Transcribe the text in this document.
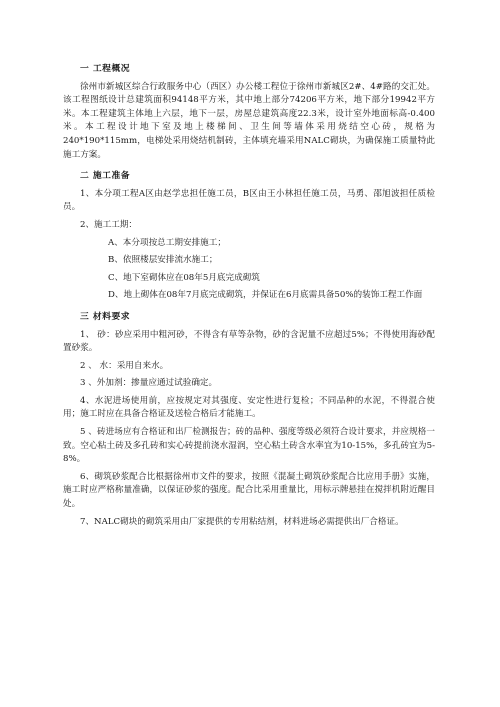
一 工程概况
徐州市新城区综合行政服务中心（西区）办公楼工程位于徐州市新城区2#、4#路的交汇处。该工程图纸设计总建筑面积94148平方米，其中地上部分74206平方米，地下部分19942平方米。本工程建筑主体地上六层，地下一层，房屋总建筑高度22.3米，设计室外地面标高-0.400米。本工程设计地下室及地上楼梯间、卫生间等墙体采用烧结空心砖，规格为240*190*115mm，电梯处采用烧结机制砖，主体填充墙采用NALC砌块，为确保施工质量特此施工方案。
二 施工准备
1、本分项工程A区由赵学忠担任施工员，B区由王小林担任施工员，马勇、邵旭波担任质检员。
2、施工工期：
A、本分项按总工期安排施工；
B、依照楼层安排流水施工；
C、地下室砌体应在08年5月底完成砌筑
D、地上砌体在08年7月底完成砌筑，并保证在6月底需具备50%的装饰工程工作面
三 材料要求
1、 砂：砂应采用中粗河砂，不得含有草等杂物，砂的含泥量不应超过5%；不得使用海砂配置砂浆。
2 、 水：采用自来水。
3 、外加剂：掺量应通过试验确定。
4、水泥进场使用前，应按规定对其强度、安定性进行复检；不同品种的水泥，不得混合使用；施工时应在具备合格证及送检合格后才能施工。
5 、砖进场应有合格证和出厂检测报告；砖的品种、强度等级必须符合设计要求，并应规格一致。空心粘土砖及多孔砖和实心砖提前浇水湿润，空心粘土砖含水率宜为10-15%，多孔砖宜为5-8%。
6、砌筑砂浆配合比根据徐州市文件的要求，按照《混凝土砌筑砂浆配合比应用手册》实施，施工时应严格称量准确，以保证砂浆的强度。配合比采用重量比，用标示牌悬挂在搅拌机附近醒目处。
7、NALC砌块的砌筑采用由厂家提供的专用粘结剂，材料进场必需提供出厂合格证。
